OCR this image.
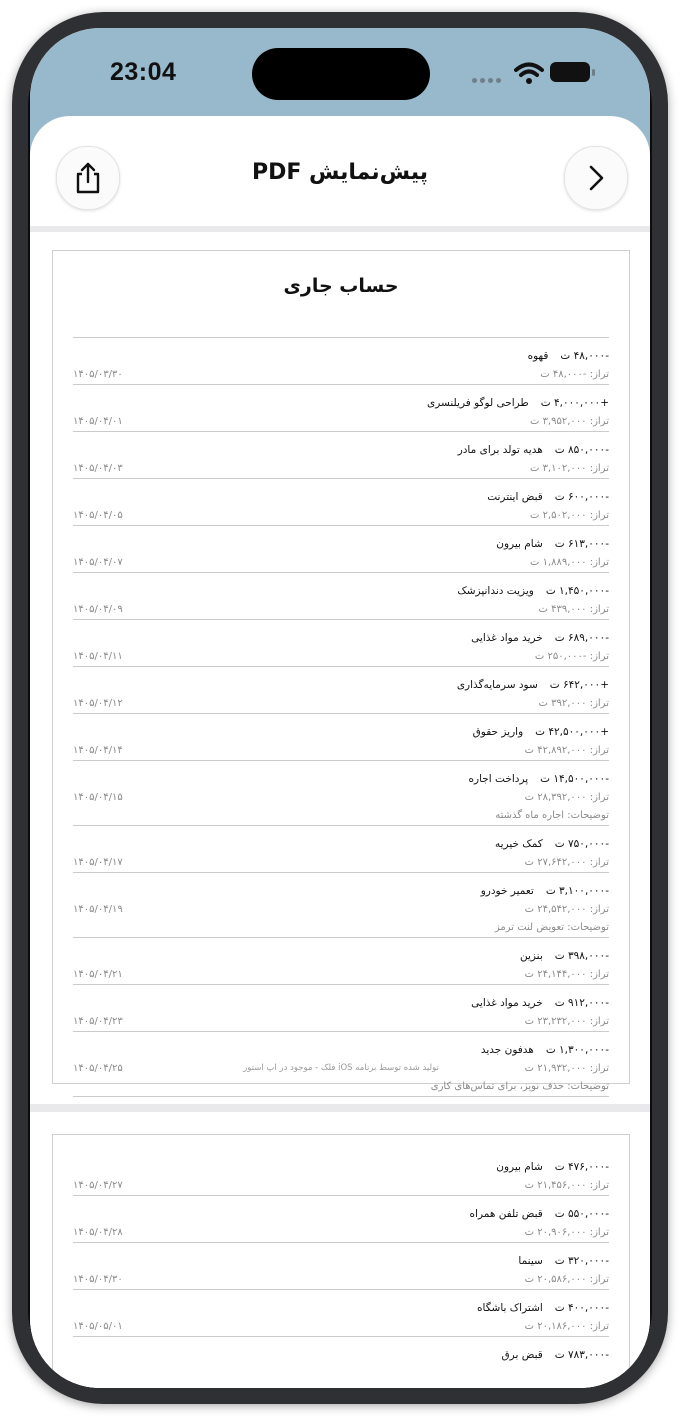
23:04
پیش‌نمایش PDF
حساب جاری
-۴۸,۰۰۰ ت
قهوه
تراز: -۴۸,۰۰۰ ت
۱۴۰۵/۰۳/۳۰
+۴,۰۰۰,۰۰۰ ت
طراحی لوگو فریلنسری
تراز: ۳,۹۵۲,۰۰۰ ت
۱۴۰۵/۰۴/۰۱
-۸۵۰,۰۰۰ ت
هدیه تولد برای مادر
تراز: ۳,۱۰۲,۰۰۰ ت
۱۴۰۵/۰۴/۰۳
-۶۰۰,۰۰۰ ت
قبض اینترنت
تراز: ۲,۵۰۲,۰۰۰ ت
۱۴۰۵/۰۴/۰۵
-۶۱۳,۰۰۰ ت
شام بیرون
تراز: ۱,۸۸۹,۰۰۰ ت
۱۴۰۵/۰۴/۰۷
-۱,۴۵۰,۰۰۰ ت
ویزیت دندانپزشک
تراز: ۴۳۹,۰۰۰ ت
۱۴۰۵/۰۴/۰۹
-۶۸۹,۰۰۰ ت
خرید مواد غذایی
تراز: -۲۵۰,۰۰۰ ت
۱۴۰۵/۰۴/۱۱
+۶۴۲,۰۰۰ ت
سود سرمایه‌گذاری
تراز: ۳۹۲,۰۰۰ ت
۱۴۰۵/۰۴/۱۲
+۴۲,۵۰۰,۰۰۰ ت
واریز حقوق
تراز: ۴۲,۸۹۲,۰۰۰ ت
۱۴۰۵/۰۴/۱۴
-۱۴,۵۰۰,۰۰۰ ت
پرداخت اجاره
تراز: ۲۸,۳۹۲,۰۰۰ ت
۱۴۰۵/۰۴/۱۵
توضیحات: اجاره ماه گذشته
-۷۵۰,۰۰۰ ت
کمک خیریه
تراز: ۲۷,۶۴۲,۰۰۰ ت
۱۴۰۵/۰۴/۱۷
-۳,۱۰۰,۰۰۰ ت
تعمیر خودرو
تراز: ۲۴,۵۴۲,۰۰۰ ت
۱۴۰۵/۰۴/۱۹
توضیحات: تعویض لنت ترمز
-۳۹۸,۰۰۰ ت
بنزین
تراز: ۲۴,۱۴۴,۰۰۰ ت
۱۴۰۵/۰۴/۲۱
-۹۱۲,۰۰۰ ت
خرید مواد غذایی
تراز: ۲۳,۲۳۲,۰۰۰ ت
۱۴۰۵/۰۴/۲۳
-۱,۳۰۰,۰۰۰ ت
هدفون جدید
تراز: ۲۱,۹۳۲,۰۰۰ ت
۱۴۰۵/۰۴/۲۵
توضیحات: حذف نویز، برای تماس‌های کاری
تولید شده توسط برنامه iOS فلک - موجود در اپ استور
-۴۷۶,۰۰۰ ت
شام بیرون
تراز: ۲۱,۴۵۶,۰۰۰ ت
۱۴۰۵/۰۴/۲۷
-۵۵۰,۰۰۰ ت
قبض تلفن همراه
تراز: ۲۰,۹۰۶,۰۰۰ ت
۱۴۰۵/۰۴/۲۸
-۳۲۰,۰۰۰ ت
سینما
تراز: ۲۰,۵۸۶,۰۰۰ ت
۱۴۰۵/۰۴/۳۰
-۴۰۰,۰۰۰ ت
اشتراک باشگاه
تراز: ۲۰,۱۸۶,۰۰۰ ت
۱۴۰۵/۰۵/۰۱
-۷۸۳,۰۰۰ ت
قبض برق
